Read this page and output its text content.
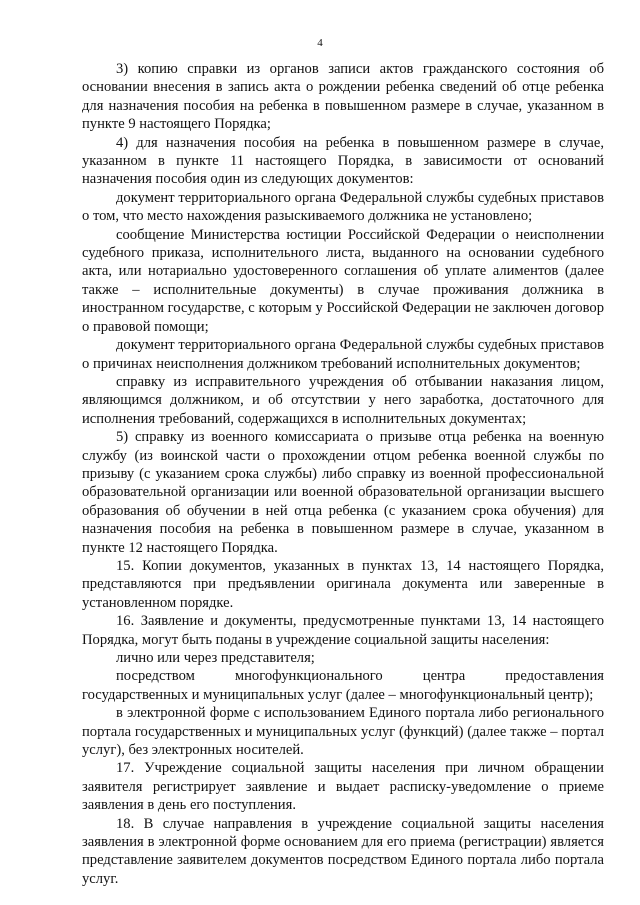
4

3) копию справки из органов записи актов гражданского состояния об основании внесения в запись акта о рождении ребенка сведений об отце ребенка для назначения пособия на ребенка в повышенном размере в случае, указанном в пункте 9 настоящего Порядка;

4) для назначения пособия на ребенка в повышенном размере в случае, указанном в пункте 11 настоящего Порядка, в зависимости от оснований назначения пособия один из следующих документов:

документ территориального органа Федеральной службы судебных приставов о том, что место нахождения разыскиваемого должника не установлено;

сообщение Министерства юстиции Российской Федерации о неисполнении судебного приказа, исполнительного листа, выданного на основании судебного акта, или нотариально удостоверенного соглашения об уплате алиментов (далее также – исполнительные документы) в случае проживания должника в иностранном государстве, с которым у Российской Федерации не заключен договор о правовой помощи;

документ территориального органа Федеральной службы судебных приставов о причинах неисполнения должником требований исполнительных документов;

справку из исправительного учреждения об отбывании наказания лицом, являющимся должником, и об отсутствии у него заработка, достаточного для исполнения требований, содержащихся в исполнительных документах;

5) справку из военного комиссариата о призыве отца ребенка на военную службу (из воинской части о прохождении отцом ребенка военной службы по призыву (с указанием срока службы) либо справку из военной профессиональной образовательной организации или военной образовательной организации высшего образования об обучении в ней отца ребенка (с указанием срока обучения) для назначения пособия на ребенка в повышенном размере в случае, указанном в пункте 12 настоящего Порядка.

15. Копии документов, указанных в пунктах 13, 14 настоящего Порядка, представляются при предъявлении оригинала документа или заверенные в установленном порядке.

16. Заявление и документы, предусмотренные пунктами 13, 14 настоящего Порядка, могут быть поданы в учреждение социальной защиты населения:

лично или через представителя;

посредством многофункционального центра предоставления государственных и муниципальных услуг (далее – многофункциональный центр);

в электронной форме с использованием Единого портала либо регионального портала государственных и муниципальных услуг (функций) (далее также – портал услуг), без электронных носителей.

17. Учреждение социальной защиты населения при личном обращении заявителя регистрирует заявление и выдает расписку-уведомление о приеме заявления в день его поступления.

18. В случае направления в учреждение социальной защиты населения заявления в электронной форме основанием для его приема (регистрации) является представление заявителем документов посредством Единого портала либо портала услуг.
